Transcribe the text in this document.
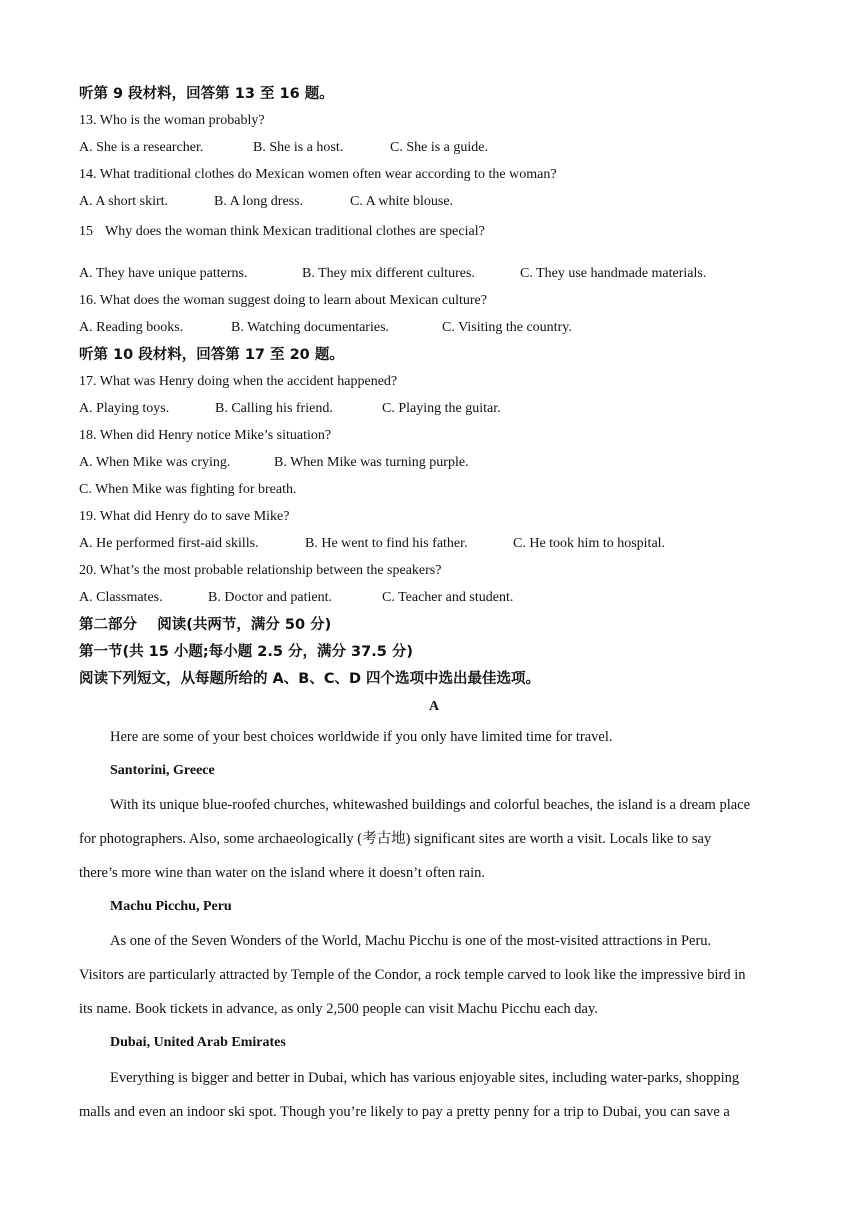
听第 9 段材料，回答第 13 至 16 题。
13. Who is the woman probably?
A. She is a researcher.	B. She is a host.	C. She is a guide.
14. What traditional clothes do Mexican women often wear according to the woman?
A. A short skirt.	B. A long dress.	C. A white blouse.
15 Why does the woman think Mexican traditional clothes are special?
A. They have unique patterns.	B. They mix different cultures.	C. They use handmade materials.
16. What does the woman suggest doing to learn about Mexican culture?
A. Reading books.	B. Watching documentaries.	C. Visiting the country.
听第 10 段材料，回答第 17 至 20 题。
17. What was Henry doing when the accident happened?
A. Playing toys.	B. Calling his friend.	C. Playing the guitar.
18. When did Henry notice Mike’s situation?
A. When Mike was crying.	B. When Mike was turning purple.
C. When Mike was fighting for breath.
19. What did Henry do to save Mike?
A. He performed first-aid skills.	B. He went to find his father.	C. He took him to hospital.
20. What’s the most probable relationship between the speakers?
A. Classmates.	B. Doctor and patient.	C. Teacher and student.
第二部分    阅读(共两节，满分 50 分)
第一节(共 15 小题;每小题 2.5 分，满分 37.5 分)
阅读下列短文，从每题所给的 A、B、C、D 四个选项中选出最佳选项。
A
Here are some of your best choices worldwide if you only have limited time for travel.
Santorini, Greece
With its unique blue-roofed churches, whitewashed buildings and colorful beaches, the island is a dream place
for photographers. Also, some archaeologically (考古地) significant sites are worth a visit. Locals like to say
there’s more wine than water on the island where it doesn’t often rain.
Machu Picchu, Peru
As one of the Seven Wonders of the World, Machu Picchu is one of the most-visited attractions in Peru.
Visitors are particularly attracted by Temple of the Condor, a rock temple carved to look like the impressive bird in
its name. Book tickets in advance, as only 2,500 people can visit Machu Picchu each day.
Dubai, United Arab Emirates
Everything is bigger and better in Dubai, which has various enjoyable sites, including water-parks, shopping
malls and even an indoor ski spot. Though you’re likely to pay a pretty penny for a trip to Dubai, you can save a
